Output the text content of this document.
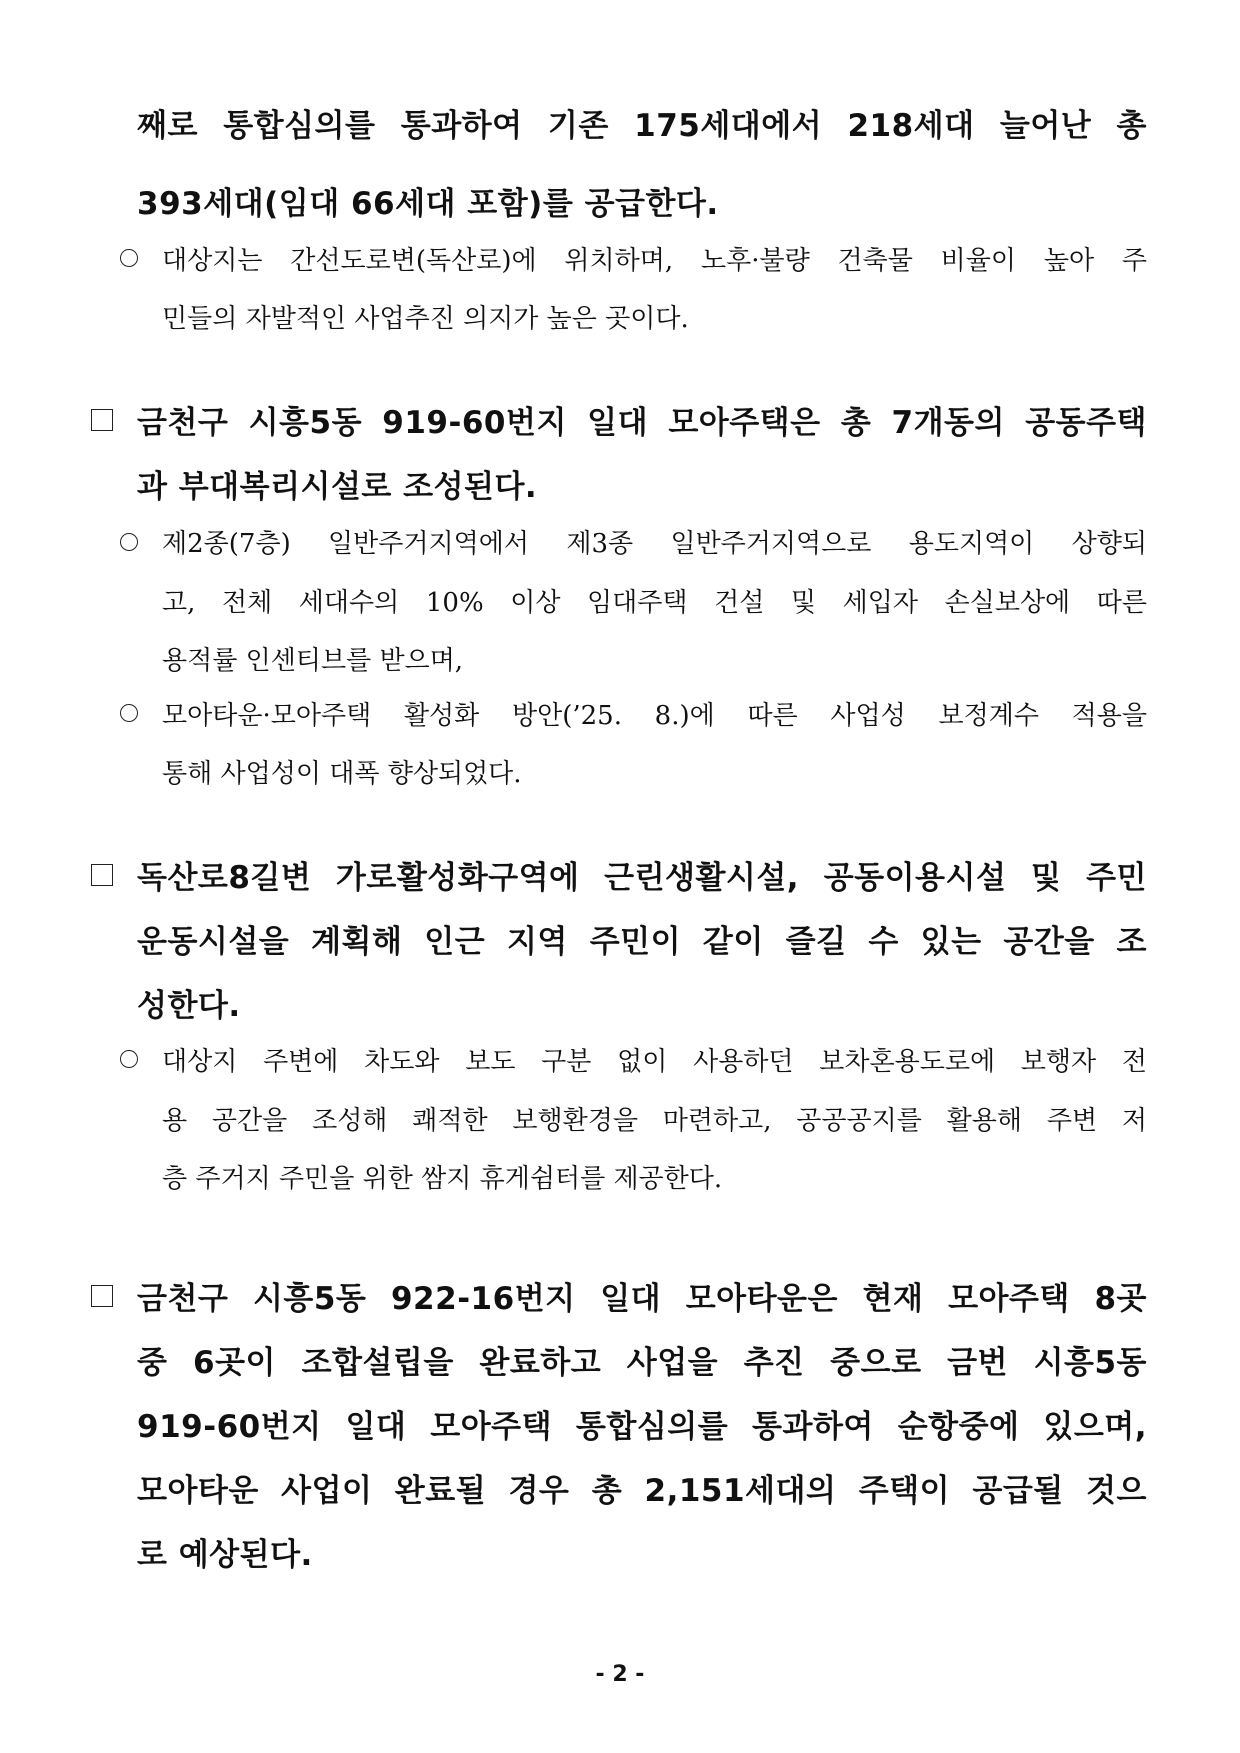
째로 통합심의를 통과하여 기존 175세대에서 218세대 늘어난 총
393세대(임대 66세대 포함)를 공급한다.
대상지는 간선도로변(독산로)에 위치하며, 노후·불량 건축물 비율이 높아 주
민들의 자발적인 사업추진 의지가 높은 곳이다.
금천구 시흥5동 919-60번지 일대 모아주택은 총 7개동의 공동주택
과 부대복리시설로 조성된다.
제2종(7층) 일반주거지역에서 제3종 일반주거지역으로 용도지역이 상향되
고, 전체 세대수의 10% 이상 임대주택 건설 및 세입자 손실보상에 따른
용적률 인센티브를 받으며,
모아타운·모아주택 활성화 방안(’25. 8.)에 따른 사업성 보정계수 적용을
통해 사업성이 대폭 향상되었다.
독산로8길변 가로활성화구역에 근린생활시설, 공동이용시설 및 주민
운동시설을 계획해 인근 지역 주민이 같이 즐길 수 있는 공간을 조
성한다.
대상지 주변에 차도와 보도 구분 없이 사용하던 보차혼용도로에 보행자 전
용 공간을 조성해 쾌적한 보행환경을 마련하고, 공공공지를 활용해 주변 저
층 주거지 주민을 위한 쌈지 휴게쉼터를 제공한다.
금천구 시흥5동 922-16번지 일대 모아타운은 현재 모아주택 8곳
중 6곳이 조합설립을 완료하고 사업을 추진 중으로 금번 시흥5동
919-60번지 일대 모아주택 통합심의를 통과하여 순항중에 있으며,
모아타운 사업이 완료될 경우 총 2,151세대의 주택이 공급될 것으
로 예상된다.
- 2 -
